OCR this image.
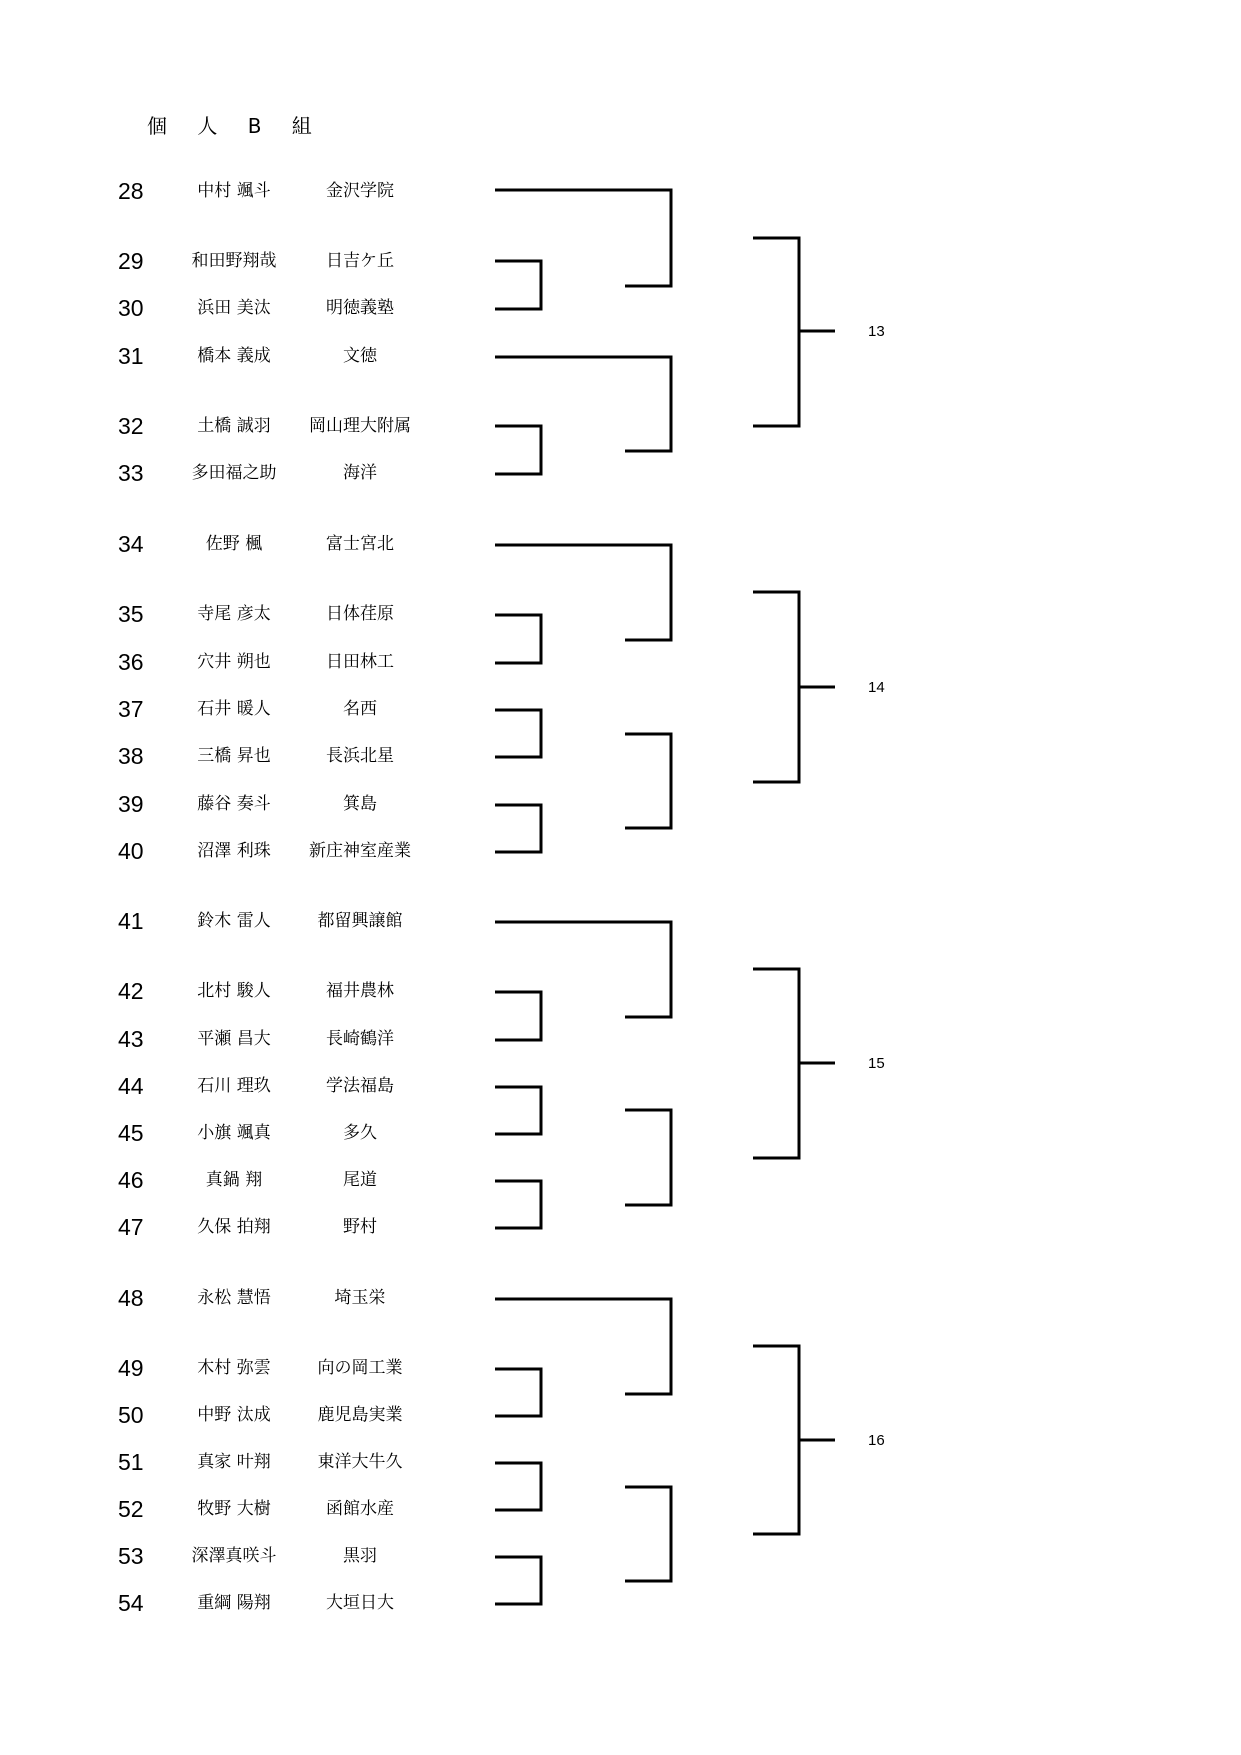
個 人 B 組
28	中村 颯斗	金沢学院
29	和田野翔哉	日吉ケ丘
30	浜田 美汰	明徳義塾
31	橋本 義成	文徳
32	土橋 誠羽	岡山理大附属
33	多田福之助	海洋
34	佐野 楓	富士宮北
35	寺尾 彦太	日体荏原
36	穴井 朔也	日田林工
37	石井 暖人	名西
38	三橋 昇也	長浜北星
39	藤谷 奏斗	箕島
40	沼澤 利珠	新庄神室産業
41	鈴木 雷人	都留興譲館
42	北村 駿人	福井農林
43	平瀬 昌大	長崎鶴洋
44	石川 理玖	学法福島
45	小旗 颯真	多久
46	真鍋 翔	尾道
47	久保 拍翔	野村
48	永松 慧悟	埼玉栄
49	木村 弥雲	向の岡工業
50	中野 汰成	鹿児島実業
51	真家 叶翔	東洋大牛久
52	牧野 大樹	函館水産
53	深澤真咲斗	黒羽
54	重綱 陽翔	大垣日大
13
14
15
16
